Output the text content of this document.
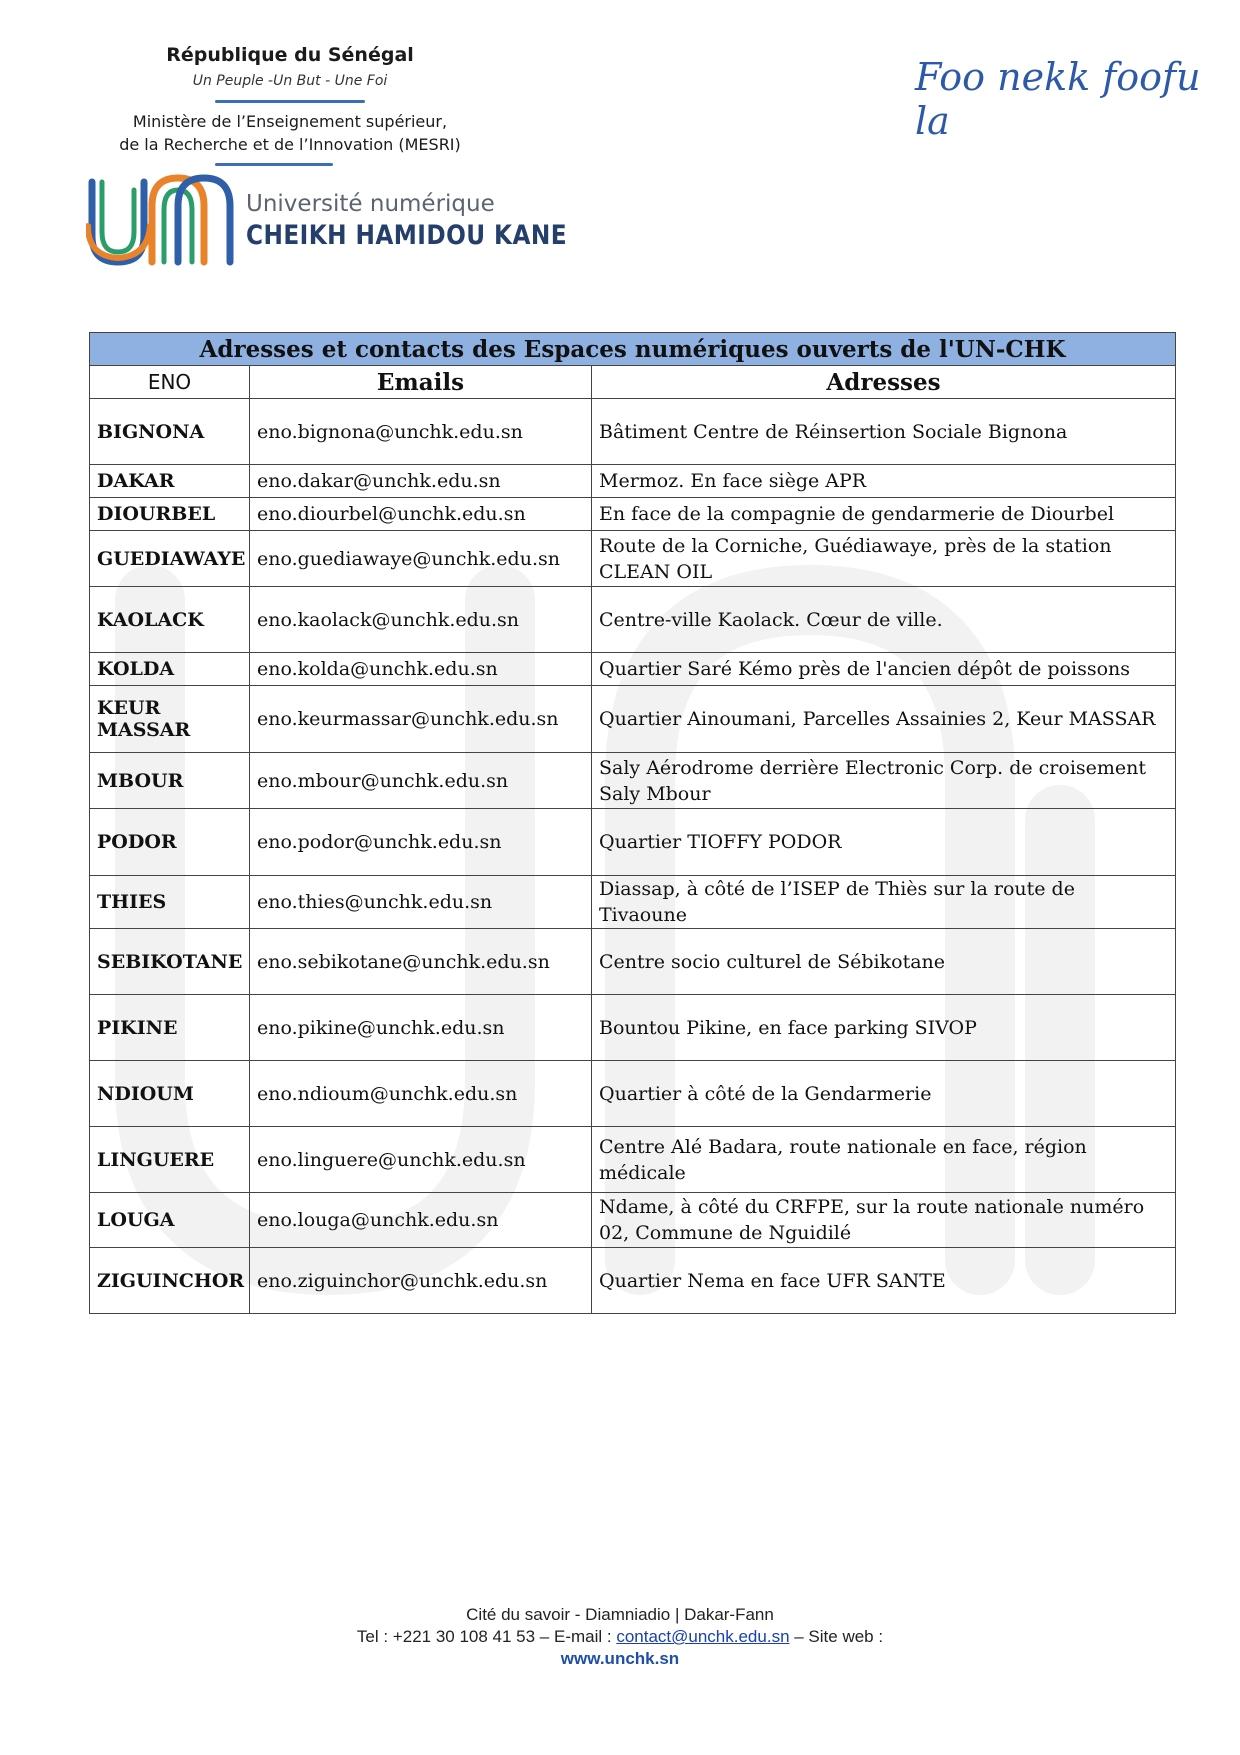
République du Sénégal
Un Peuple -Un But - Une Foi
Ministère de l’Enseignement supérieur,
de la Recherche et de l’Innovation (MESRI)
Université numérique
CHEIKH HAMIDOU KANE
Foo nekk foofu la
Adresses et contacts des Espaces numériques ouverts de l'UN-CHK		
ENO	Emails	Adresses
BIGNONA	eno.bignona@unchk.edu.sn	Bâtiment Centre de Réinsertion Sociale Bignona
DAKAR	eno.dakar@unchk.edu.sn	Mermoz. En face siège APR
DIOURBEL	eno.diourbel@unchk.edu.sn	En face de la compagnie de gendarmerie de Diourbel
GUEDIAWAYE	eno.guediawaye@unchk.edu.sn	Route de la Corniche, Guédiawaye, près de la station CLEAN OIL
KAOLACK	eno.kaolack@unchk.edu.sn	Centre-ville Kaolack. Cœur de ville.
KOLDA	eno.kolda@unchk.edu.sn	Quartier Saré Kémo près de l'ancien dépôt de poissons
KEUR MASSAR	eno.keurmassar@unchk.edu.sn	Quartier Ainoumani, Parcelles Assainies 2, Keur MASSAR
MBOUR	eno.mbour@unchk.edu.sn	Saly Aérodrome derrière Electronic Corp. de croisement Saly Mbour
PODOR	eno.podor@unchk.edu.sn	Quartier TIOFFY PODOR
THIES	eno.thies@unchk.edu.sn	Diassap, à côté de l’ISEP de Thiès sur la route de Tivaoune
SEBIKOTANE	eno.sebikotane@unchk.edu.sn	Centre socio culturel de Sébikotane
PIKINE	eno.pikine@unchk.edu.sn	Bountou Pikine, en face parking SIVOP
NDIOUM	eno.ndioum@unchk.edu.sn	Quartier à côté de la Gendarmerie
LINGUERE	eno.linguere@unchk.edu.sn	Centre Alé Badara, route nationale en face, région médicale
LOUGA	eno.louga@unchk.edu.sn	Ndame, à côté du CRFPE, sur la route nationale numéro 02, Commune de Nguidilé
ZIGUINCHOR	eno.ziguinchor@unchk.edu.sn	Quartier Nema en face UFR SANTE
Cité du savoir - Diamniadio | Dakar-Fann
Tel : +221 30 108 41 53 – E-mail : contact@unchk.edu.sn – Site web :
www.unchk.sn
